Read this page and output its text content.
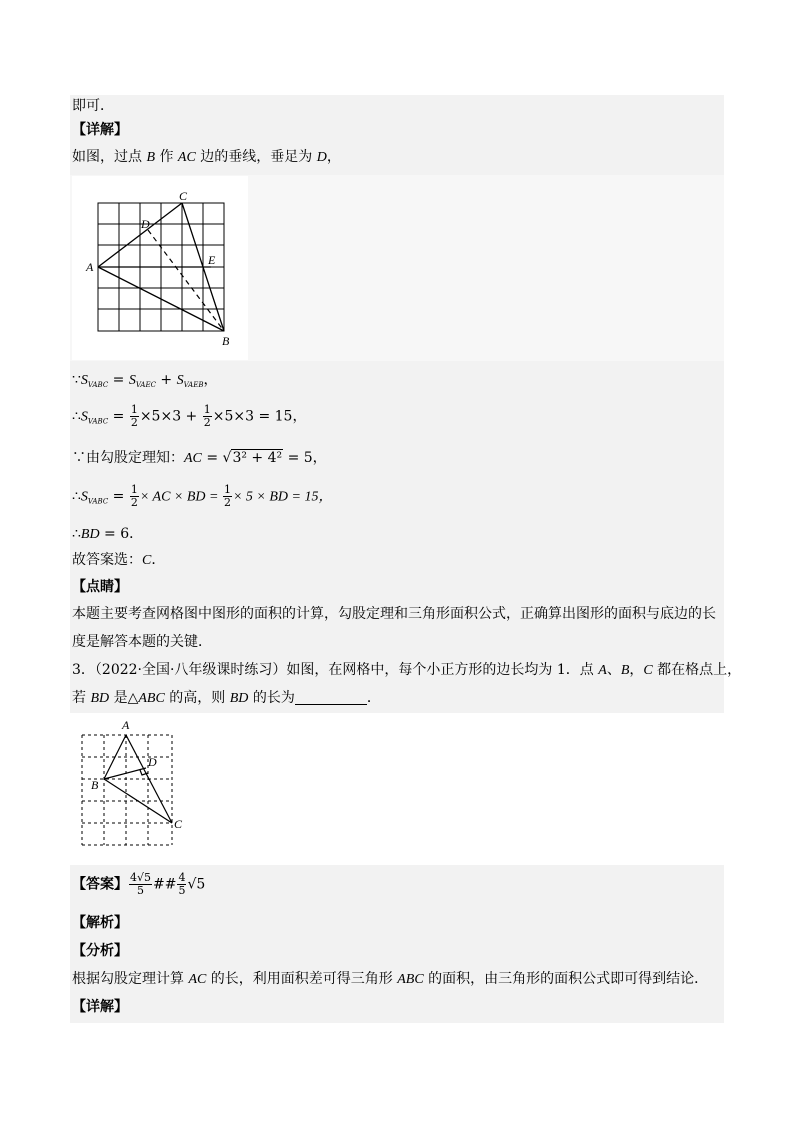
即可．
【详解】
如图，过点 B 作 AC 边的垂线，垂足为 D，
C
D
A	E
B
$\because S_{VABC} = S_{VAEC} + S_{VAEB}$，
$\therefore S_{VABC} = \frac{1}{2} \times 5\times 3 + \frac{1}{2} \times 5\times 3 = 15$，
∵由勾股定理知：AC = √3² + 4² = 5，
$\therefore S_{VABC} = \frac{1}{2}$ × AC × BD = $\frac{1}{2} \times 5$ × BD = 15，
∴BD = 6．
故答案选：C．
【点睛】
本题主要考查网格图中图形的面积的计算，勾股定理和三角形面积公式，正确算出图形的面积与底边的长
度是解答本题的关键．
3．（2022·全国·八年级课时练习）如图，在网格中，每个小正方形的边长均为 1．点 A、B，C 都在格点上，
若 BD 是△ABC 的高，则 BD 的长为	．
A
D
B
C
【答案】 $\frac{4√5}{5}$ ## $\frac{4}{5} √5$
【解析】
【分析】
根据勾股定理计算 AC 的长，利用面积差可得三角形 ABC 的面积，由三角形的面积公式即可得到结论．
【详解】
